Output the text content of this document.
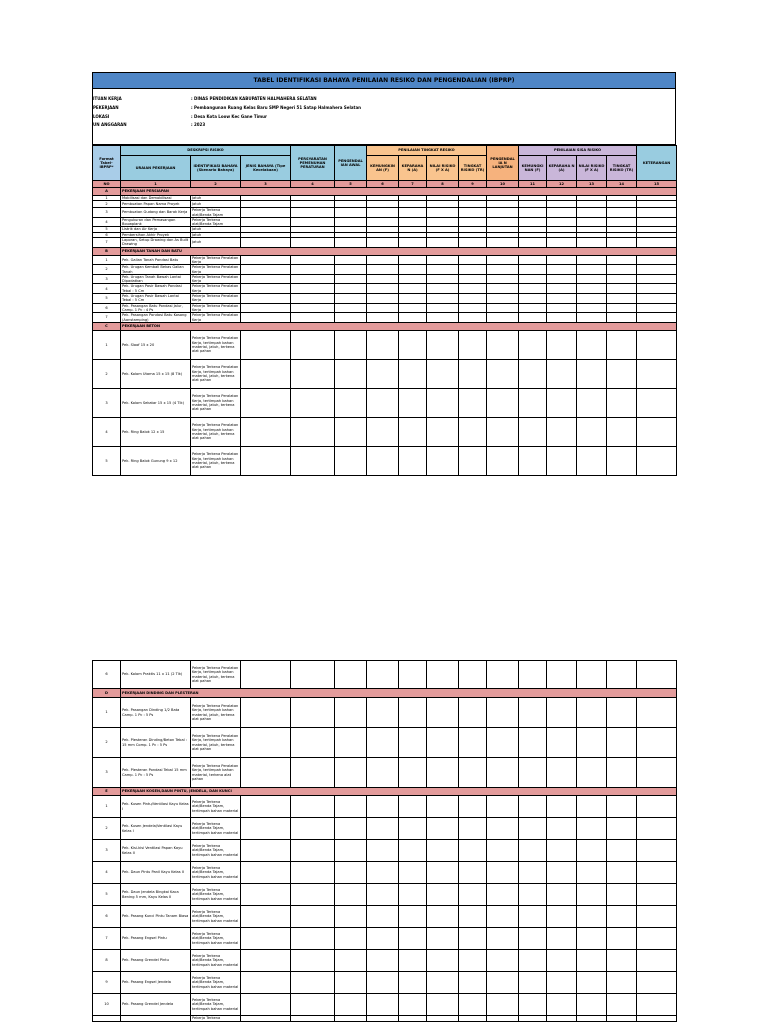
TABEL IDENTIFIKASI BAHAYA PENILAIAN RESIKO DAN PENGENDALIAN (IBPRP)
ITUAN KERJA	: DINAS PENDIDIKAN KABUPATEN HALMAHERA SELATAN
PEKERJAAN	: Pembangunan Ruang Kelas Baru SMP Negeri 51 Satap Halmahera Selatan
LOKASI	: Desa Kota Loow Kec Gane Timur
UN ANGGARAN	: 2023
Format Tabel-IBPRP*	DESKRIPSI RISIKO			PERSYARATAN PEMENUHAN PERATURAN	PENGENDAL IAN AWAL	PENILAIAN TINGKAT RESIKO				PENGENDAL IA N LANJUTAN	PENILAIAN SISA RISIKO				KETERANGAN
	URAIAN PEKERJAAN	IDENTIFIKASI BAHAYA (Skenario Bahaya)	JENIS BAHAYA (Tipe Kecelakaan)			KEMUNGKIN AN (F)	KEPARAHA N (A)	NILAI RISIKO (F X A)	TINGKAT RISIKO (TR)		KEMUNGKI NAN (F)	KEPARAHA N (A)	NILAI RISIKO (F X A)	TINGKAT RISIKO (TR)	
NO	1	2	3	4	5	6	7	8	9	10	11	12	13	14	15
A	PEKERJAAN PERSIAPAN														
1	Mobilisasi dan Demobilisasi	Jatuh													
2	Pembuatan Papan Nama Proyek	Jatuh													
3	Pembuatan Gudang dan Barak Kerja	Pekerja Terkena alat/Benda Tajam													
4	Pengukuran dan Pemasangan Bouwplank	Pekerja Terkena alat/Benda Tajam													
5	Listrik dan Air Kerja	Jatuh													
6	Pembersihan Akhir Proyek	Jatuh													
7	Laporan, Setup Drawing dan As Built Drawing	Jatuh													
B	PEKERJAAN TANAH DAN BATU														
1	Pek. Galian Tanah Pondasi Batu	Pekerja Terkena Peralatan Kerja													
2	Pek. Urugan Kembali Bekas Galian Tanah	Pekerja Terkena Peralatan Kerja													
3	Pek. Urugan Tanah Bawah Lantai Dipadatkan	Pekerja Terkena Peralatan Kerja													
4	Pek. Urugan Pasir Bawah Pondasi Tebal : 5 Cm	Pekerja Terkena Peralatan Kerja													
5	Pek. Urugan Pasir Bawah Lantai Tebal : 5 Cm	Pekerja Terkena Peralatan Kerja													
6	Pek. Pasangan Batu Pondasi Jalur, Camp. 1 Pc : 4 Ps	Pekerja Terkena Peralatan Kerja													
7	Pek. Pasangan Pondasi Batu Kosong (Aanstamping)	Pekerja Terkena Peralatan Kerja													
C	PEKERJAAN BETON														
1	Pek. Sloof 15 x 20	Pekerja Terkena Peralatan Kerja, tertimpah bahan material, jatuh, terkena alat pahan													
2	Pek. Kolom Utama 15 x 15 (8 Tlk)	Pekerja Terkena Peralatan Kerja, tertimpah bahan material, jatuh, terkena alat pahan													
3	Pek. Kolom Sekatar 15 x 15 (4 Tlk)	Pekerja Terkena Peralatan Kerja, tertimpah bahan material, jatuh, terkena alat pahan													
4	Pek. Ring Balok 12 x 15	Pekerja Terkena Peralatan Kerja, tertimpah bahan material, jatuh, terkena alat pahan													
5	Pek. Ring Balok Gunung 9 x 12	Pekerja Terkena Peralatan Kerja, tertimpah bahan material, jatuh, terkena alat pahan													
6	Pek. Kolom Praktis 11 x 11 (2 Tlk)	Pekerja Terkena Peralatan Kerja, tertimpah bahan material, jatuh, terkena alat pahan													
D	PEKERJAAN DINDING DAN PLESTERAN														
1	Pek. Pasangan Dinding 1/2 Bata Camp. 1 Pc : 5 Ps	Pekerja Terkena Peralatan Kerja, tertimpah bahan material, jatuh, terkena alat pahan													
2	Pek. Plesteran Dinding/Beton Tebal : 15 mm Comp. 1 Pc : 5 Ps	Pekerja Terkena Peralatan Kerja, tertimpah bahan material, jatuh, terkena alat pahan													
3	Pek. Plesteran Pondasi Tebal 15 mm Camp. 1 Pc : 5 Ps	Pekerja Terkena Peralatan Kerja, tertimpah bahan material, terkena alat pahan													
E	PEKERJAAN KOSEN,DAUN PINTU, JENDELA, DAN KUNCI														
1	Pek. Kusen Pintu/Ventilasi Kayu Kelas I	Pekerja Terkena alat/Benda Tajam, tertimpah bahan material													
2	Pek. Kusen Jendela/Ventilasi Kayu Kelas I	Pekerja Terkena alat/Benda Tajam, tertimpah bahan material													
3	Pek. Kisi-kisi Ventilasi Papan Kayu Kelas II	Pekerja Terkena alat/Benda Tajam, tertimpah bahan material													
4	Pek. Daun Pintu Panil Kayu Kelas II	Pekerja Terkena alat/Benda Tajam, tertimpah bahan material													
5	Pek. Daun Jendela Bingkai Kaca Bening 5 mm, Kayu Kelas II	Pekerja Terkena alat/Benda Tajam, tertimpah bahan material													
6	Pek. Pasang Kunci Pintu Tanam Biasa	Pekerja Terkena alat/Benda Tajam, tertimpah bahan material													
7	Pek. Pasang Engsel Pintu	Pekerja Terkena alat/Benda Tajam, tertimpah bahan material													
8	Pek. Pasang Grendel Pintu	Pekerja Terkena alat/Benda Tajam, tertimpah bahan material													
9	Pek. Pasang Engsel Jendela	Pekerja Terkena alat/Benda Tajam, tertimpah bahan material													
10	Pek. Pasang Grendel Jendela	Pekerja Terkena alat/Benda Tajam, tertimpah bahan material													
		Pekerja Terkena													
